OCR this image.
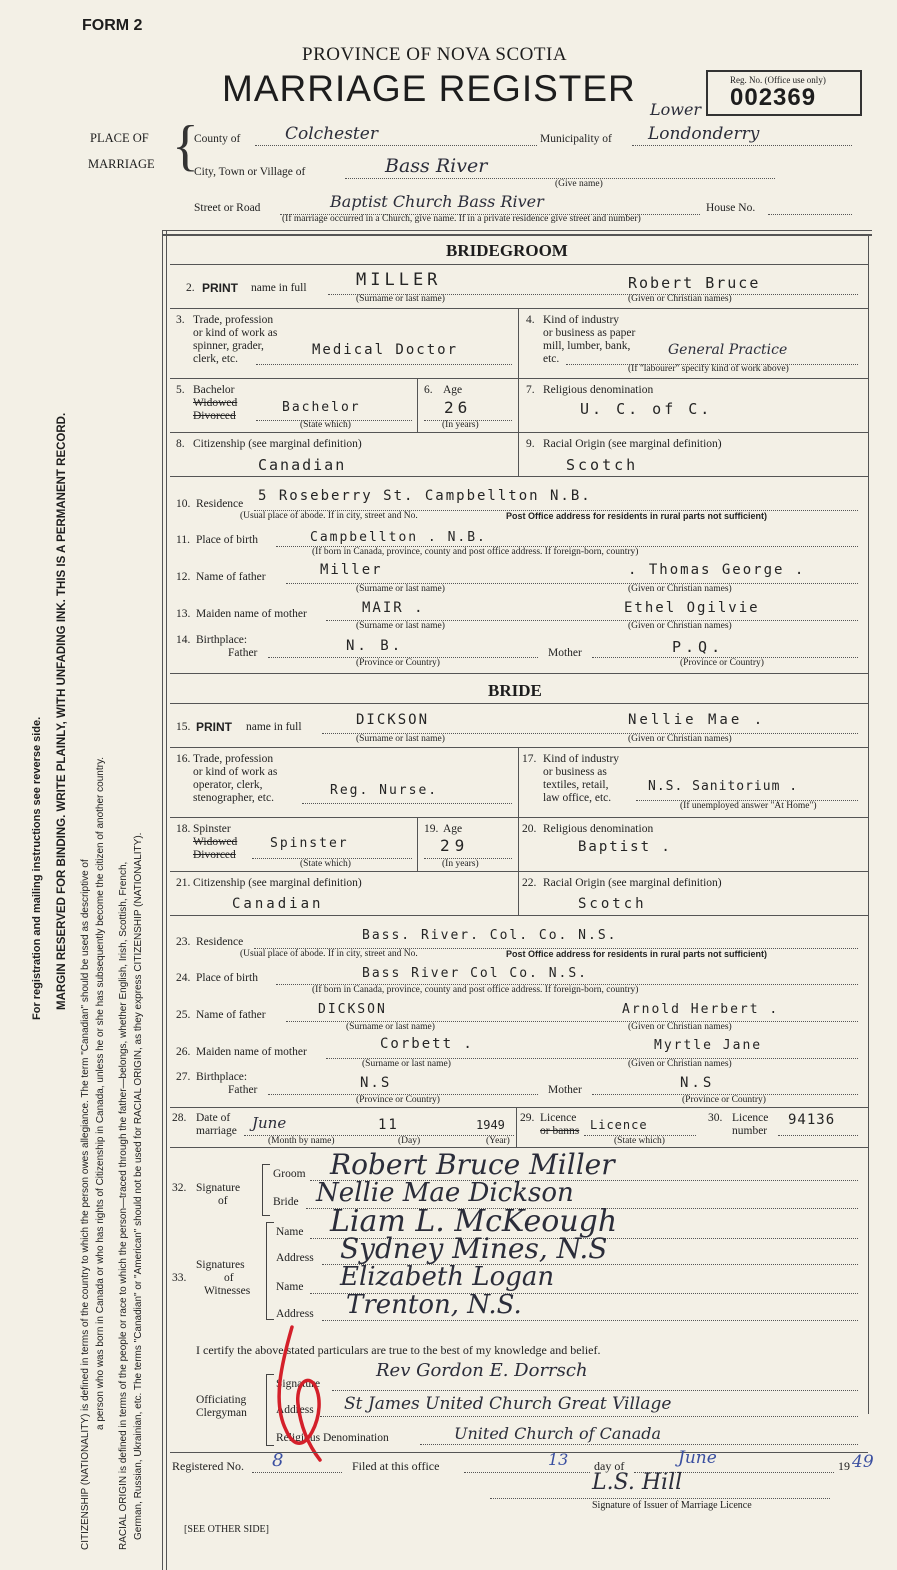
FORM 2
PROVINCE OF NOVA SCOTIA
MARRIAGE REGISTER	Reg. No. (Office use only)
002369
PLACE OF
MARRIAGE {
County of	Colchester	Municipality of
Lower
Londonderry
City, Town or Village of	Bass River
(Give name)
Street or Road	Baptist Church Bass River	House No.
(If marriage occurred in a Church, give name. If in a private residence give street and number)
For registration and mailing instructions see reverse side. MARGIN RESERVED FOR BINDING. WRITE PLAINLY, WITH UNFADING INK. THIS IS A PERMANENT RECORD.
CITIZENSHIP (NATIONALITY) is defined in terms of the country to which the person owes allegiance. The term "Canadian" should be used as descriptive of a person who was born in Canada or who has rights of Citizenship in Canada, unless he or she has subsequently become the citizen of another country. RACIAL ORIGIN is defined in terms of the people or race to which the person—traced through the father—belongs, whether English, Irish, Scottish, French, German, Russian, Ukrainian, etc. The terms "Canadian" or "American" should not be used for RACIAL ORIGIN, as they express CITIZENSHIP (NATIONALITY).
BRIDEGROOM
2. PRINT name in full	MILLER	Robert Bruce
(Surname or last name)	(Given or Christian names)
3. Trade, profession
or kind of work as
spinner, grader,
clerk, etc.
Medical Doctor
4. Kind of industry
or business as paper
mill, lumber, bank,
etc.
General Practice
(If "labourer" specify kind of work above)
5. Bachelor
Widowed
Divorced
Bachelor
(State which)
6. Age
26
(In years)
7. Religious denomination
U. C. of C.
8. Citizenship (see marginal definition)
Canadian
9. Racial Origin (see marginal definition)
Scotch
10. Residence 5 Roseberry St. Campbellton N.B.
(Usual place of abode. If in city, street and No.	Post Office address for residents in rural parts not sufficient)
11. Place of birth	Campbellton . N.B.
(If born in Canada, province, county and post office address. If foreign-born, country)
12. Name of father	Miller	. Thomas George .
(Surname or last name)	(Given or Christian names)
13. Maiden name of mother	MAIR .	Ethel Ogilvie
(Surname or last name)	(Given or Christian names)
14. Birthplace:
Father	N. B.	Mother	P.Q.
(Province or Country)	(Province or Country)
BRIDE
15. PRINT name in full	DICKSON	Nellie Mae .
(Surname or last name)	(Given or Christian names)
16. Trade, profession
or kind of work as
operator, clerk,
stenographer, etc.	Reg. Nurse.
17. Kind of industry
or business as
textiles, retail,
law office, etc.
N.S. Sanitorium .
(If unemployed answer "At Home")
18. Spinster
Widowed
Divorced
Spinster
(State which)
19. Age
29
(In years)
20. Religious denomination
Baptist .
21. Citizenship (see marginal definition)
Canadian
22. Racial Origin (see marginal definition)
Scotch
23. Residence	Bass. River. Col. Co. N.S.
(Usual place of abode. If in city, street and No.	Post Office address for residents in rural parts not sufficient)
24. Place of birth	Bass River Col Co. N.S.
(If born in Canada, province, county and post office address. If foreign-born, country)
25. Name of father	DICKSON	Arnold Herbert .
(Surname or last name)	(Given or Christian names)
26. Maiden name of mother	Corbett .	Myrtle Jane
(Surname or last name)	(Given or Christian names)
27. Birthplace:
Father	N.S	Mother	N.S
(Province or Country)	(Province or Country)
28. Date of
marriage June	11	1949
(Month by name)	(Day)	(Year)
29. Licence
or banns Licence
(State which)
30. Licence
number
94136
32. Signature
of
Groom Robert Bruce Miller
Bride Nellie Mae Dickson
33.
Signatures
of
Witnesses
Name Liam L. McKeough
Address Sydney Mines, N.S
Name Elizabeth Logan
Address Trenton, N.S.
I certify the above stated particulars are true to the best of my knowledge and belief.
Officiating
Clergyman
Signature
Rev Gordon E. Dorrsch
Address St James United Church Great Village
Religious Denomination	United Church of Canada
Registered No. 8	Filed at this office	13 day of	June	19 49
L.S. Hill
Signature of Issuer of Marriage Licence
[SEE OTHER SIDE]
